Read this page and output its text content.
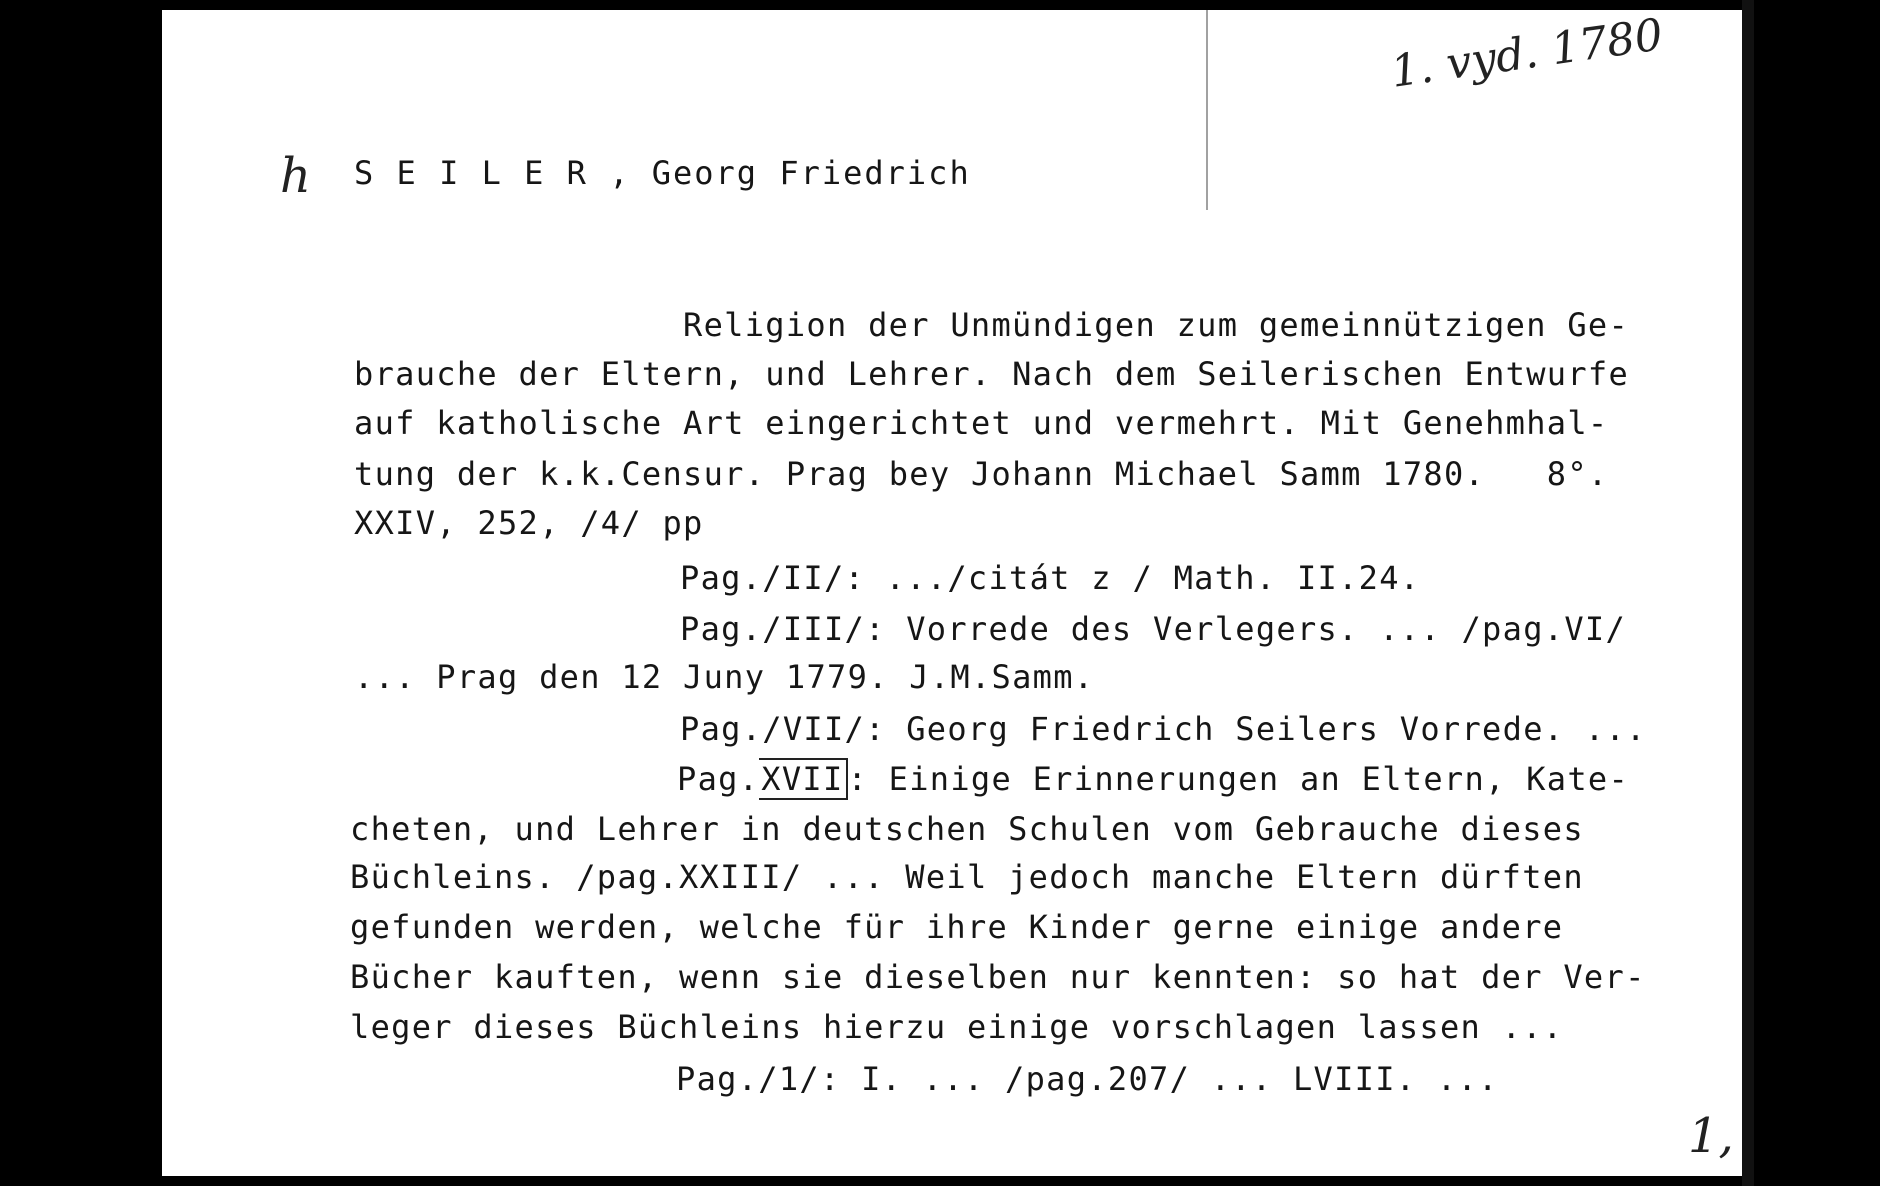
1. vyd. 1780
h
1,
S E I L E R , Georg Friedrich
Religion der Unmündigen zum gemeinnützigen Ge-
brauche der Eltern, und Lehrer. Nach dem Seilerischen Entwurfe
auf katholische Art eingerichtet und vermehrt. Mit Genehmhal-
tung der k.k.Censur. Prag bey Johann Michael Samm 1780.   8°.
XXIV, 252, /4/ pp
Pag./II/: .../citát z / Math. II.24.
Pag./III/: Vorrede des Verlegers. ... /pag.VI/
... Prag den 12 Juny 1779. J.M.Samm.
Pag./VII/: Georg Friedrich Seilers Vorrede. ...
Pag.XVII : Einige Erinnerungen an Eltern, Kate-
cheten, und Lehrer in deutschen Schulen vom Gebrauche dieses
Büchleins. /pag.XXIII/ ... Weil jedoch manche Eltern dürften
gefunden werden, welche für ihre Kinder gerne einige andere
Bücher kauften, wenn sie dieselben nur kennten: so hat der Ver-
leger dieses Büchleins hierzu einige vorschlagen lassen ...
Pag./1/: I. ... /pag.207/ ... LVIII. ...
